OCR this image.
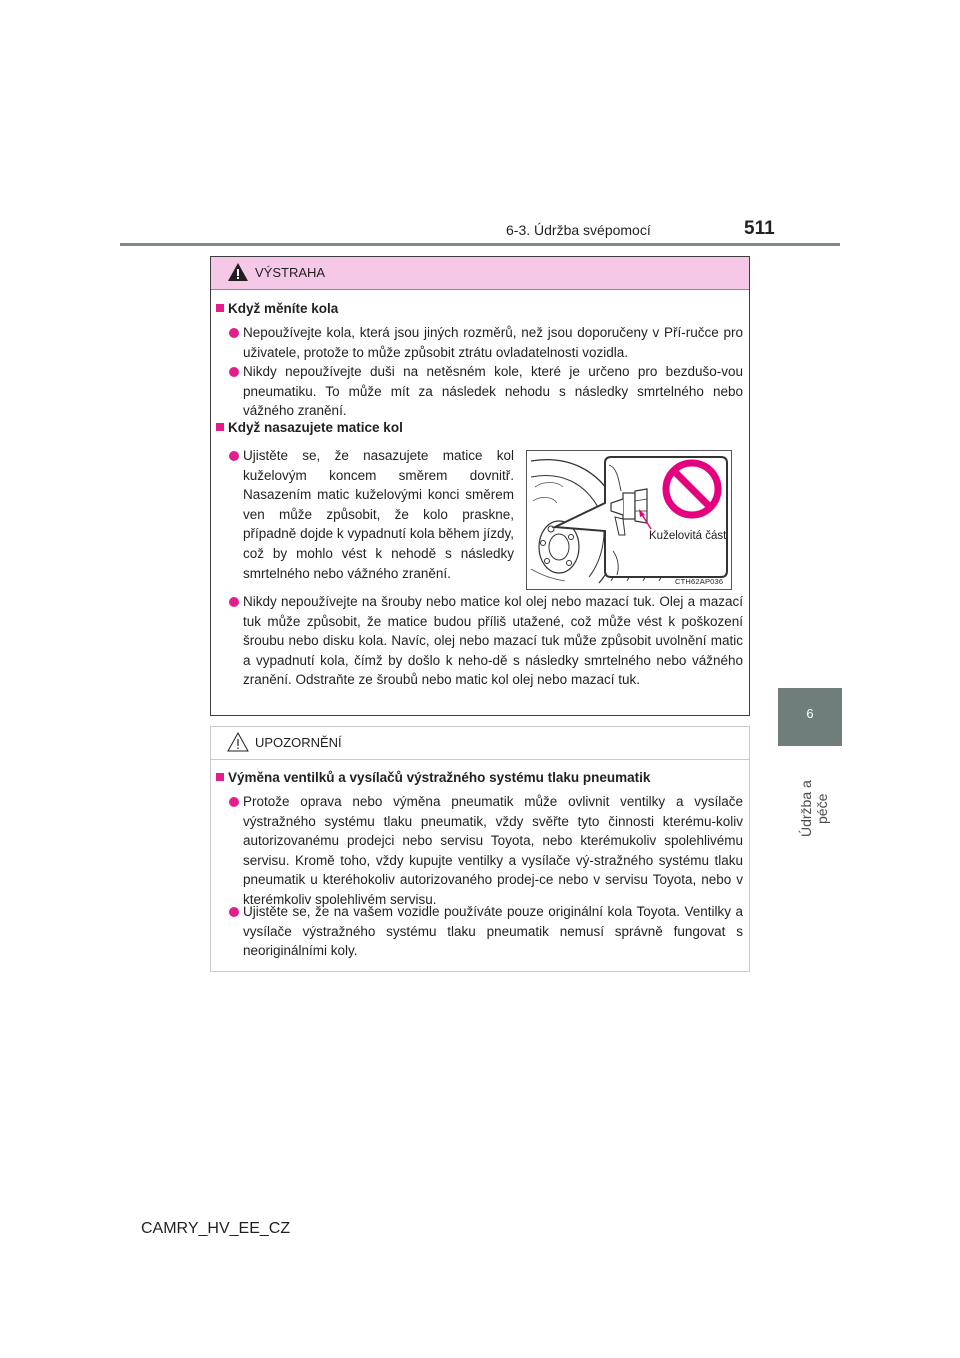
6-3. Údržba svépomocí	511
6
Údržba a péče
VÝSTRAHA
Když měníte kola
Nepoužívejte kola, která jsou jiných rozměrů, než jsou doporučeny v Pří-ručce pro uživatele, protože to může způsobit ztrátu ovladatelnosti vozidla.
Nikdy nepoužívejte duši na netěsném kole, které je určeno pro bezdušo-vou pneumatiku. To může mít za následek nehodu s následky smrtelného nebo vážného zranění.
Když nasazujete matice kol
Ujistěte se, že nasazujete matice kol kuželovým koncem směrem dovnitř. Nasazením matic kuželovými konci směrem ven může způsobit, že kolo praskne, případně dojde k vypadnutí kola během jízdy, což by mohlo vést k nehodě s následky smrtelného nebo vážného zranění.
Kuželovitá část
CTH62AP036
Nikdy nepoužívejte na šrouby nebo matice kol olej nebo mazací tuk. Olej a mazací tuk může způsobit, že matice budou příliš utažené, což může vést k poškození šroubu nebo disku kola. Navíc, olej nebo mazací tuk může způsobit uvolnění matic a vypadnutí kola, čímž by došlo k neho-dě s následky smrtelného nebo vážného zranění. Odstraňte ze šroubů nebo matic kol olej nebo mazací tuk.
UPOZORNĚNÍ
Výměna ventilků a vysílačů výstražného systému tlaku pneumatik
Protože oprava nebo výměna pneumatik může ovlivnit ventilky a vysílače výstražného systému tlaku pneumatik, vždy svěřte tyto činnosti kterému-koliv autorizovanému prodejci nebo servisu Toyota, nebo kterémukoliv spolehlivému servisu. Kromě toho, vždy kupujte ventilky a vysílače vý-stražného systému tlaku pneumatik u kteréhokoliv autorizovaného prodej-ce nebo v servisu Toyota, nebo v kterémkoliv spolehlivém servisu.
Ujistěte se, že na vašem vozidle používáte pouze originální kola Toyota. Ventilky a vysílače výstražného systému tlaku pneumatik nemusí správně fungovat s neoriginálními koly.
CAMRY_HV_EE_CZ
